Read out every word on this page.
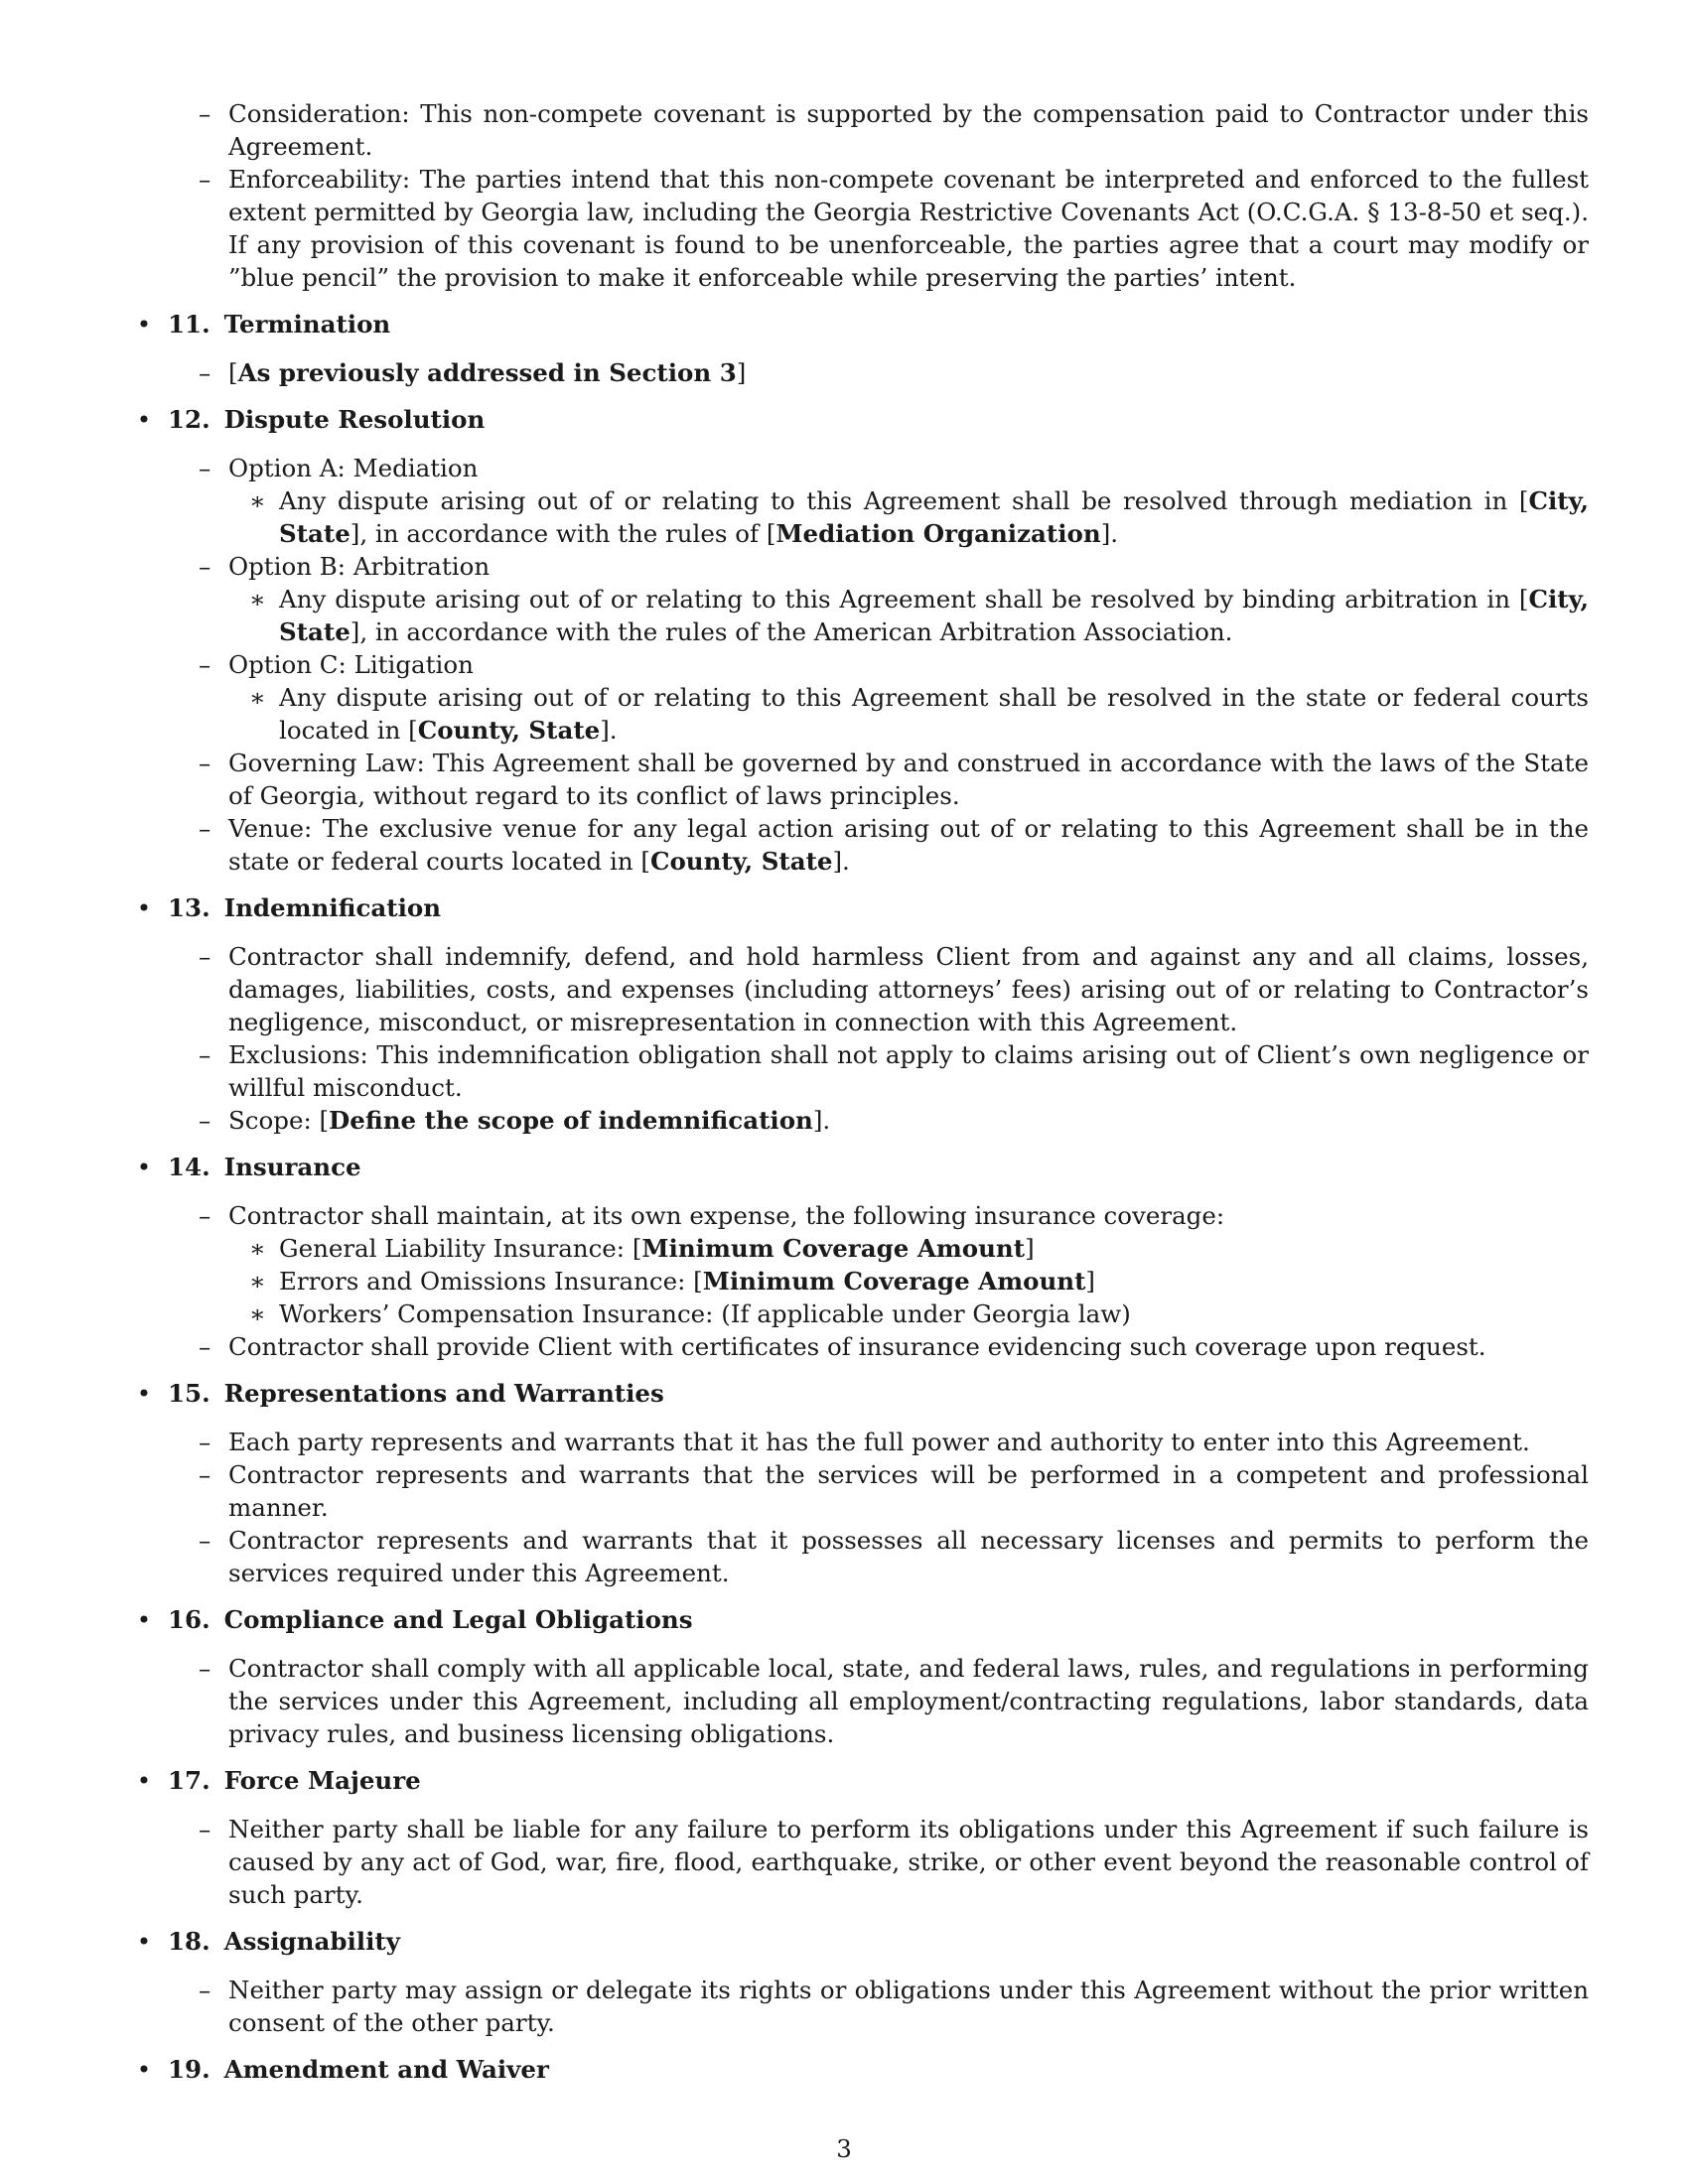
– Consideration: This non-compete covenant is supported by the compensation paid to Contractor under this Agreement.
– Enforceability: The parties intend that this non-compete covenant be interpreted and enforced to the fullest extent permitted by Georgia law, including the Georgia Restrictive Covenants Act (O.C.G.A. § 13-8-50 et seq.). If any provision of this covenant is found to be unenforceable, the parties agree that a court may modify or ”blue pencil” the provision to make it enforceable while preserving the parties’ intent.
• 11. Termination
– [As previously addressed in Section 3]
• 12. Dispute Resolution
– Option A: Mediation
∗ Any dispute arising out of or relating to this Agreement shall be resolved through mediation in [City, State], in accordance with the rules of [Mediation Organization].
– Option B: Arbitration
∗ Any dispute arising out of or relating to this Agreement shall be resolved by binding arbitration in [City, State], in accordance with the rules of the American Arbitration Association.
– Option C: Litigation
∗ Any dispute arising out of or relating to this Agreement shall be resolved in the state or federal courts located in [County, State].
– Governing Law: This Agreement shall be governed by and construed in accordance with the laws of the State of Georgia, without regard to its conflict of laws principles.
– Venue: The exclusive venue for any legal action arising out of or relating to this Agreement shall be in the state or federal courts located in [County, State].
• 13. Indemnification
– Contractor shall indemnify, defend, and hold harmless Client from and against any and all claims, losses, damages, liabilities, costs, and expenses (including attorneys’ fees) arising out of or relating to Contractor’s negligence, misconduct, or misrepresentation in connection with this Agreement.
– Exclusions: This indemnification obligation shall not apply to claims arising out of Client’s own negligence or willful misconduct.
– Scope: [Define the scope of indemnification].
• 14. Insurance
– Contractor shall maintain, at its own expense, the following insurance coverage:
∗ General Liability Insurance: [Minimum Coverage Amount]
∗ Errors and Omissions Insurance: [Minimum Coverage Amount]
∗ Workers’ Compensation Insurance: (If applicable under Georgia law)
– Contractor shall provide Client with certificates of insurance evidencing such coverage upon request.
• 15. Representations and Warranties
– Each party represents and warrants that it has the full power and authority to enter into this Agreement.
– Contractor represents and warrants that the services will be performed in a competent and professional manner.
– Contractor represents and warrants that it possesses all necessary licenses and permits to perform the services required under this Agreement.
• 16. Compliance and Legal Obligations
– Contractor shall comply with all applicable local, state, and federal laws, rules, and regulations in performing the services under this Agreement, including all employment/contracting regulations, labor standards, data privacy rules, and business licensing obligations.
• 17. Force Majeure
– Neither party shall be liable for any failure to perform its obligations under this Agreement if such failure is caused by any act of God, war, fire, flood, earthquake, strike, or other event beyond the reasonable control of such party.
• 18. Assignability
– Neither party may assign or delegate its rights or obligations under this Agreement without the prior written consent of the other party.
• 19. Amendment and Waiver
3
